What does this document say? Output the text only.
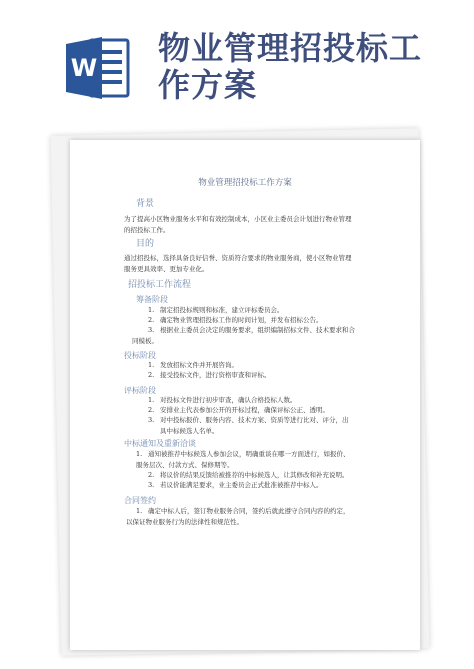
W
物业管理招投标工
作方案
物业管理招投标工作方案
背景
为了提高小区物业服务水平和有效控制成本，小区业主委员会计划进行物业管理
的招投标工作。
目的
通过招投标，选择具备良好信誉、资质符合要求的物业服务商，使小区物业管理
服务更具效率、更加专业化。
招投标工作流程
筹备阶段
1. 制定招投标规则和标准，建立评标委员会。
2. 确定物业管理招投标工作的时间计划，并发布招标公告。
3. 根据业主委员会决定的服务要求，组织编制招标文件、技术要求和合
同模板。
投标阶段
1. 发放招标文件并开展咨询。
2. 接受投标文件，进行资格审查和评标。
评标阶段
1. 对投标文件进行初步审查，确认合格投标人数。
2. 安排业主代表参加公开的开标过程，确保评标公正、透明。
3. 对中投标报价、服务内容、技术方案、资质等进行比对、评分，出
具中标候选人名单。
中标通知及重新洽谈
1. 通知被推荐中标候选人参加会议，明确重谈在哪一方面进行，如报价、
服务层次、付款方式、保修期等。
2. 将议价的结果反馈给被推荐的中标候选人，让其修改和补充说明。
3. 若议价能满足要求，业主委员会正式批准被推荐中标人。
合同签约
1. 确定中标人后，签订物业服务合同，签约后就此遵守合同内容的约定，
以保证物业服务行为的法律性和规范性。
